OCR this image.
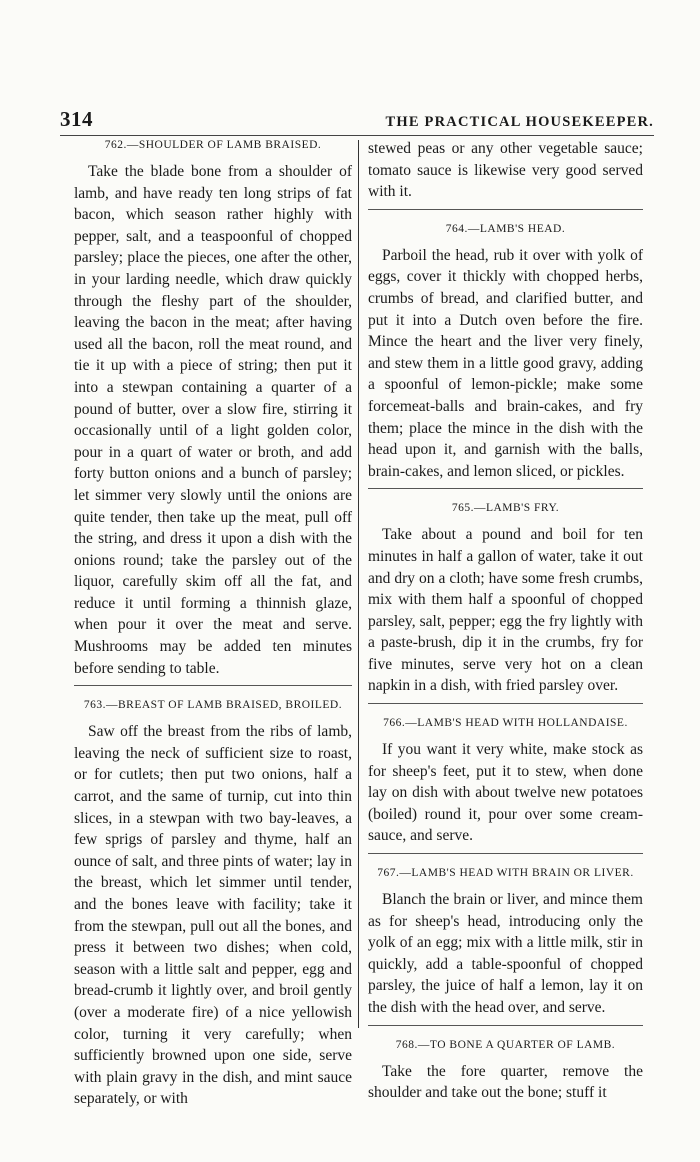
314	THE PRACTICAL HOUSEKEEPER.
762.—SHOULDER OF LAMB BRAISED.

Take the blade bone from a shoulder of lamb, and have ready ten long strips of fat bacon, which season rather highly with pepper, salt, and a teaspoonful of chopped parsley; place the pieces, one after the other, in your larding needle, which draw quickly through the fleshy part of the shoulder, leaving the bacon in the meat; after having used all the bacon, roll the meat round, and tie it up with a piece of string; then put it into a stewpan containing a quarter of a pound of butter, over a slow fire, stirring it occasionally until of a light golden color, pour in a quart of water or broth, and add forty button onions and a bunch of parsley; let simmer very slowly until the onions are quite tender, then take up the meat, pull off the string, and dress it upon a dish with the onions round; take the parsley out of the liquor, carefully skim off all the fat, and reduce it until forming a thinnish glaze, when pour it over the meat and serve. Mushrooms may be added ten minutes before sending to table.

763.—BREAST OF LAMB BRAISED, BROILED.

Saw off the breast from the ribs of lamb, leaving the neck of sufficient size to roast, or for cutlets; then put two onions, half a carrot, and the same of turnip, cut into thin slices, in a stewpan with two bay-leaves, a few sprigs of parsley and thyme, half an ounce of salt, and three pints of water; lay in the breast, which let simmer until tender, and the bones leave with facility; take it from the stewpan, pull out all the bones, and press it between two dishes; when cold, season with a little salt and pepper, egg and bread-crumb it lightly over, and broil gently (over a moderate fire) of a nice yellowish color, turning it very carefully; when sufficiently browned upon one side, serve with plain gravy in the dish, and mint sauce separately, or with

stewed peas or any other vegetable sauce; tomato sauce is likewise very good served with it.

764.—LAMB'S HEAD.

Parboil the head, rub it over with yolk of eggs, cover it thickly with chopped herbs, crumbs of bread, and clarified butter, and put it into a Dutch oven before the fire. Mince the heart and the liver very finely, and stew them in a little good gravy, adding a spoonful of lemon-pickle; make some forcemeat-balls and brain-cakes, and fry them; place the mince in the dish with the head upon it, and garnish with the balls, brain-cakes, and lemon sliced, or pickles.

765.—LAMB'S FRY.

Take about a pound and boil for ten minutes in half a gallon of water, take it out and dry on a cloth; have some fresh crumbs, mix with them half a spoonful of chopped parsley, salt, pepper; egg the fry lightly with a paste-brush, dip it in the crumbs, fry for five minutes, serve very hot on a clean napkin in a dish, with fried parsley over.

766.—LAMB'S HEAD WITH HOLLANDAISE.

If you want it very white, make stock as for sheep's feet, put it to stew, when done lay on dish with about twelve new potatoes (boiled) round it, pour over some cream-sauce, and serve.

767.—LAMB'S HEAD WITH BRAIN OR LIVER.

Blanch the brain or liver, and mince them as for sheep's head, introducing only the yolk of an egg; mix with a little milk, stir in quickly, add a table-spoonful of chopped parsley, the juice of half a lemon, lay it on the dish with the head over, and serve.

768.—TO BONE A QUARTER OF LAMB.

Take the fore quarter, remove the shoulder and take out the bone; stuff it
